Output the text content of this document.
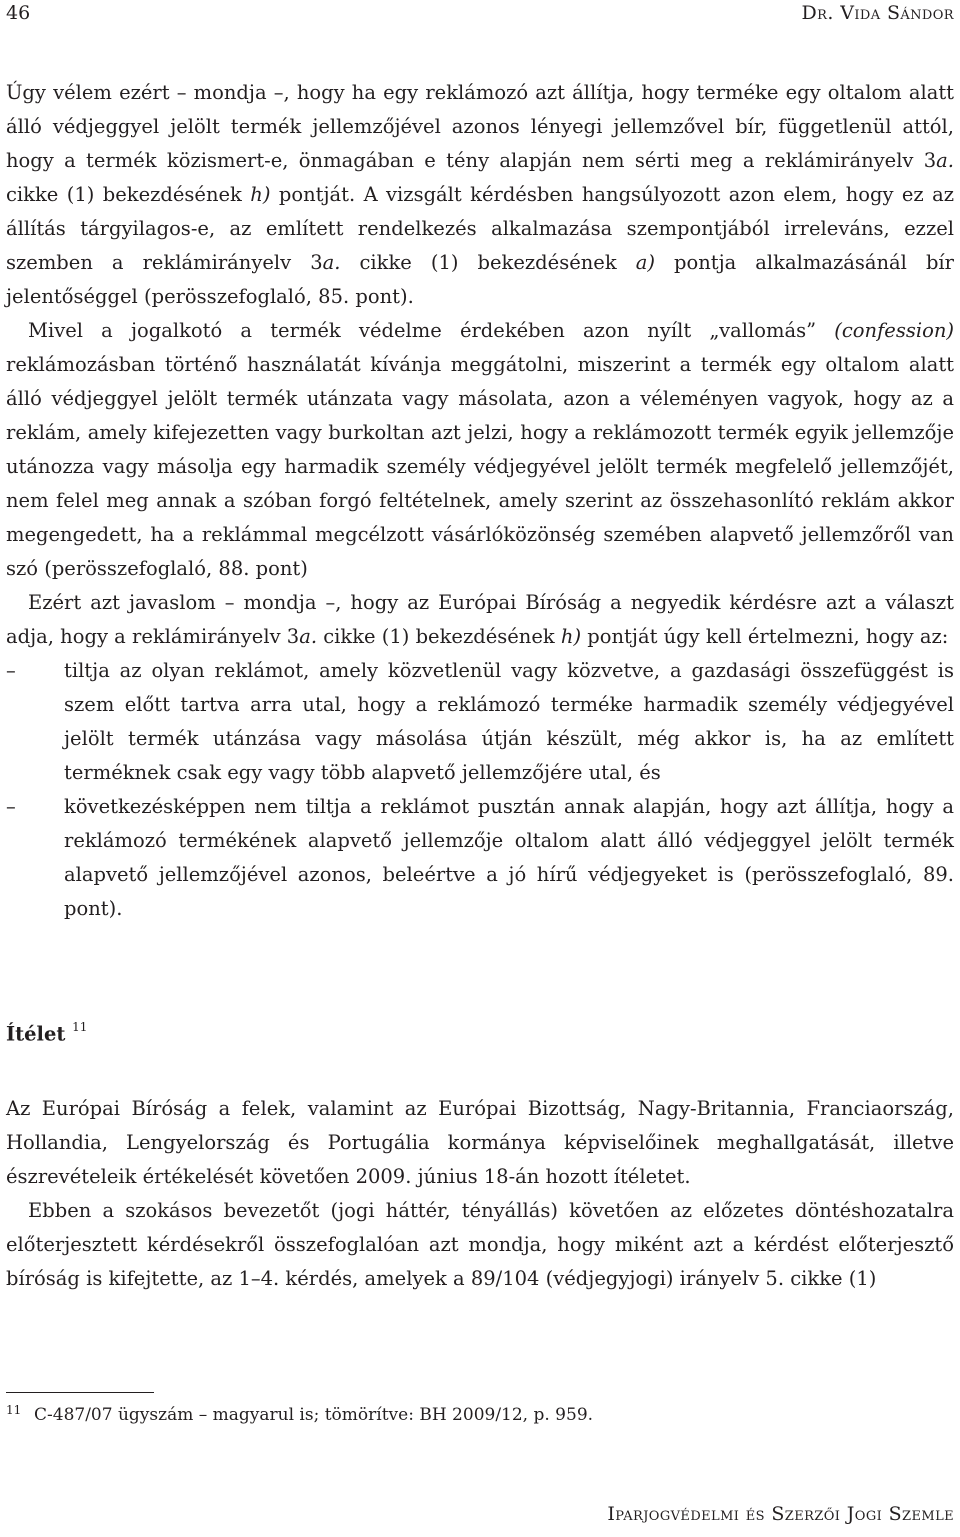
46	Dr. Vida Sándor

Úgy vélem ezért – mondja –, hogy ha egy reklámozó azt állítja, hogy terméke egy oltalom alatt álló védjeggyel jelölt termék jellemzőjével azonos lényegi jellemzővel bír, függetlenül attól, hogy a termék közismert-e, önmagában e tény alapján nem sérti meg a reklámirányelv 3a. cikke (1) bekezdésének h) pontját. A vizsgált kérdésben hangsúlyozott azon elem, hogy ez az állítás tárgyilagos-e, az említett rendelkezés alkalmazása szempontjából irreleváns, ezzel szemben a reklámirányelv 3a. cikke (1) bekezdésének a) pontja alkalmazásánál bír jelentőséggel (perösszefoglaló, 85. pont).

Mivel a jogalkotó a termék védelme érdekében azon nyílt „vallomás” (confession) reklámozásban történő használatát kívánja meggátolni, miszerint a termék egy oltalom alatt álló védjeggyel jelölt termék utánzata vagy másolata, azon a véleményen vagyok, hogy az a reklám, amely kifejezetten vagy burkoltan azt jelzi, hogy a reklámozott termék egyik jellemzője utánozza vagy másolja egy harmadik személy védjegyével jelölt termék megfelelő jellemzőjét, nem felel meg annak a szóban forgó feltételnek, amely szerint az összehasonlító reklám akkor megengedett, ha a reklámmal megcélzott vásárlóközönség szemében alapvető jellemzőről van szó (perösszefoglaló, 88. pont)

Ezért azt javaslom – mondja –, hogy az Európai Bíróság a negyedik kérdésre azt a választ adja, hogy a reklámirányelv 3a. cikke (1) bekezdésének h) pontját úgy kell értelmezni, hogy az:

– tiltja az olyan reklámot, amely közvetlenül vagy közvetve, a gazdasági összefüggést is szem előtt tartva arra utal, hogy a reklámozó terméke harmadik személy védjegyével jelölt termék utánzása vagy másolása útján készült, még akkor is, ha az említett terméknek csak egy vagy több alapvető jellemzőjére utal, és
– következésképpen nem tiltja a reklámot pusztán annak alapján, hogy azt állítja, hogy a reklámozó termékének alapvető jellemzője oltalom alatt álló védjeggyel jelölt termék alapvető jellemzőjével azonos, beleértve a jó hírű védjegyeket is (perösszefoglaló, 89. pont).
Ítélet $^{11}$

Az Európai Bíróság a felek, valamint az Európai Bizottság, Nagy-Britannia, Franciaország, Hollandia, Lengyelország és Portugália kormánya képviselőinek meghallgatását, illetve észrevételeik értékelését követően 2009. június 18-án hozott ítéletet.

Ebben a szokásos bevezetőt (jogi háttér, tényállás) követően az előzetes döntéshozatalra előterjesztett kérdésekről összefoglalóan azt mondja, hogy miként azt a kérdést előterjesztő bíróság is kifejtette, az 1–4. kérdés, amelyek a 89/104 (védjegyjogi) irányelv 5. cikke (1)

11 C-487/07 ügyszám – magyarul is; tömörítve: BH 2009/12, p. 959.

Iparjogvédelmi és Szerzői Jogi Szemle
